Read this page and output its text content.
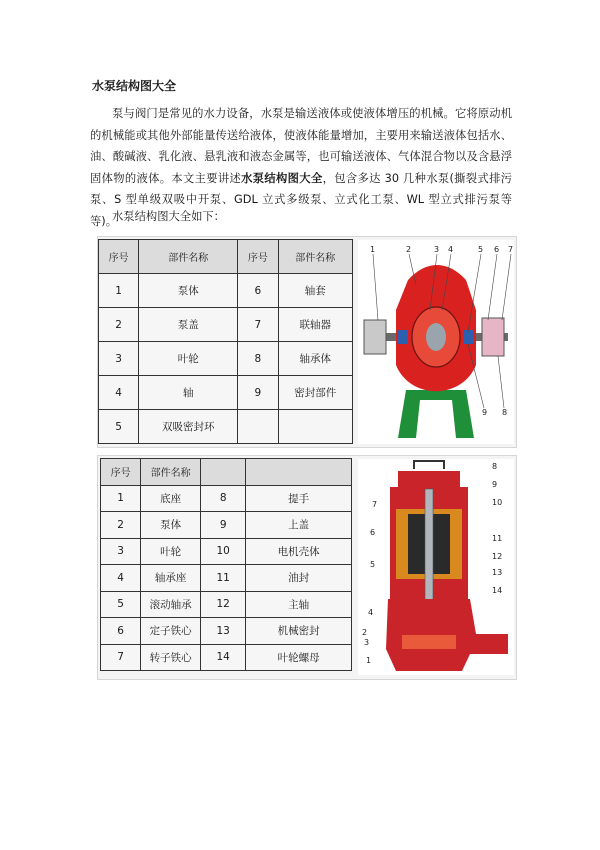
水泵结构图大全
泵与阀门是常见的水力设备，水泵是输送液体或使液体增压的机械。它将原动机的机械能或其他外部能量传送给液体，使液体能量增加，主要用来输送液体包括水、油、酸碱液、乳化液、悬乳液和液态金属等，也可输送液体、气体混合物以及含悬浮固体物的液体。本文主要讲述水泵结构图大全，包含多达 30 几种水泵(撕裂式排污泵、S 型单级双吸中开泵、GDL 立式多级泵、立式化工泵、WL 型立式排污泵等等)。
水泵结构图大全如下：
序号	部件名称	序号	部件名称
1	泵体	6	轴套
2	泵盖	7	联轴器
3	叶轮	8	轴承体
4	轴	9	密封部件
5	双吸密封环		
1	2	3 4	5 6 7
8
9
序号	部件名称		
1	底座	8	提手
2	泵体	9	上盖
3	叶轮	10	电机壳体
4	轴承座	11	油封
5	滚动轴承	12	主轴
6	定子铁心	13	机械密封
7	转子铁心	14	叶轮螺母	1
2
3
4
5
6
7
8
9
10
11
12
13
14
